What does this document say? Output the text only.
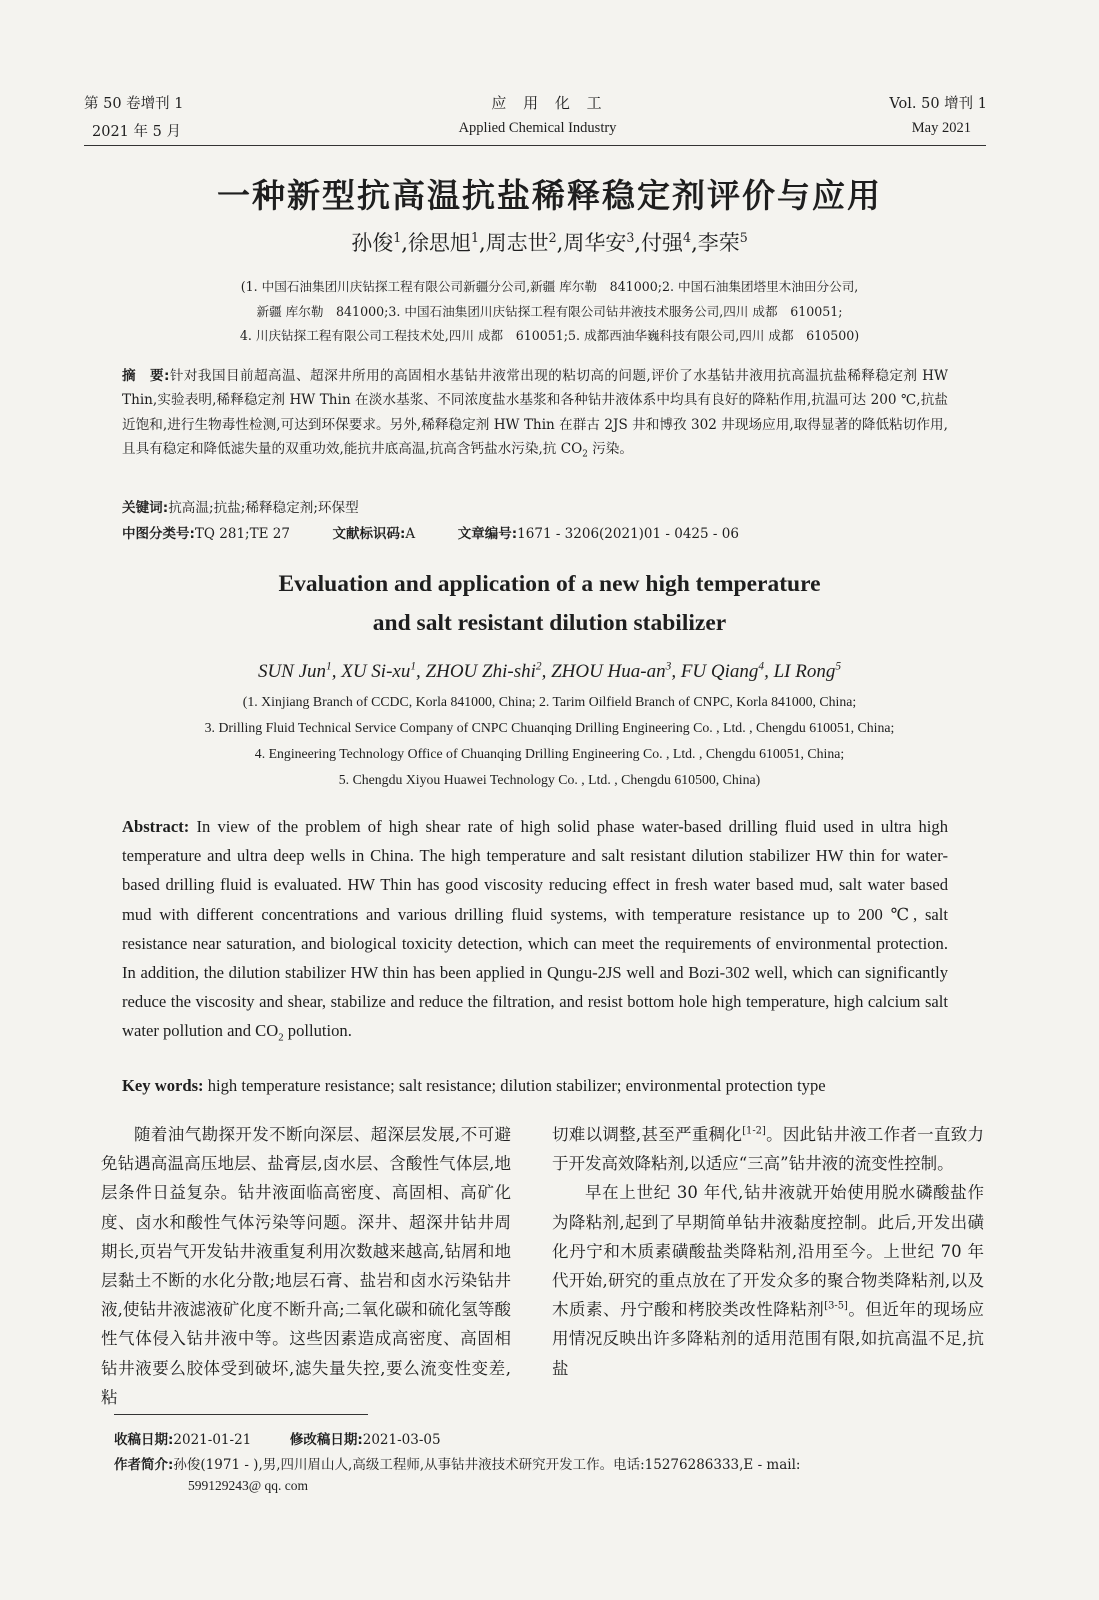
第 50 卷增刊 1
2021 年 5 月
应 用 化 工
Applied Chemical Industry
Vol. 50 增刊 1
May 2021
一种新型抗高温抗盐稀释稳定剂评价与应用
孙俊$^1$,徐思旭$^1$,周志世$^2$,周华安$^3$,付强$^4$,李荣$^5$
(1. 中国石油集团川庆钻探工程有限公司新疆分公司,新疆 库尔勒　841000;2. 中国石油集团塔里木油田分公司,
新疆 库尔勒　841000;3. 中国石油集团川庆钻探工程有限公司钻井液技术服务公司,四川 成都　610051;
4. 川庆钻探工程有限公司工程技术处,四川 成都　610051;5. 成都西油华巍科技有限公司,四川 成都　610500)
摘　要:针对我国目前超高温、超深井所用的高固相水基钻井液常出现的粘切高的问题,评价了水基钻井液用抗高温抗盐稀释稳定剂 HW Thin,实验表明,稀释稳定剂 HW Thin 在淡水基浆、不同浓度盐水基浆和各种钻井液体系中均具有良好的降粘作用,抗温可达 200 ℃,抗盐近饱和,进行生物毒性检测,可达到环保要求。另外,稀释稳定剂 HW Thin 在群古 2JS 井和博孜 302 井现场应用,取得显著的降低粘切作用,且具有稳定和降低滤失量的双重功效,能抗井底高温,抗高含钙盐水污染,抗 $CO_2$ 污染。
关键词:抗高温;抗盐;稀释稳定剂;环保型
中图分类号:TQ 281;TE 27	文献标识码:A	文章编号:1671 - 3206(2021)01 - 0425 - 06
Evaluation and application of a new high temperature
and salt resistant dilution stabilizer
SUN Jun$^1$, XU $Si-xu^1$, ZHOU Zhi-shi$^2$, ZHOU Hua-$an^3$, FU Qiang$^4$, LI Rong$^5$
(1. Xinjiang Branch of CCDC, Korla 841000, China; 2. Tarim Oilfield Branch of CNPC, Korla 841000, China;
3. Drilling Fluid Technical Service Company of CNPC Chuanqing Drilling Engineering Co. , Ltd. , Chengdu 610051, China;
4. Engineering Technology Office of Chuanqing Drilling Engineering Co. , Ltd. , Chengdu 610051, China;
5. Chengdu Xiyou Huawei Technology Co. , Ltd. , Chengdu 610500, China)
Abstract: In view of the problem of high shear rate of high solid phase water-based drilling fluid used in ultra high temperature and ultra deep wells in China. The high temperature and salt resistant dilution stabilizer HW thin for water-based drilling fluid is evaluated. HW Thin has good viscosity reducing effect in fresh water based mud, salt water based mud with different concentrations and various drilling fluid systems, with temperature resistance up to 200 ℃, salt resistance near saturation, and biological toxicity detection, which can meet the requirements of environmental protection. In addition, the dilution stabilizer HW thin has been applied in Qungu-2JS well and Bozi-302 well, which can significantly reduce the viscosity and shear, stabilize and reduce the filtration, and resist bottom hole high temperature, high calcium salt water pollution and $CO_2$ pollution.
Key words: high temperature resistance; salt resistance; dilution stabilizer; environmental protection type

随着油气勘探开发不断向深层、超深层发展,不可避免钻遇高温高压地层、盐膏层,卤水层、含酸性气体层,地层条件日益复杂。钻井液面临高密度、高固相、高矿化度、卤水和酸性气体污染等问题。深井、超深井钻井周期长,页岩气开发钻井液重复利用次数越来越高,钻屑和地层黏土不断的水化分散;地层石膏、盐岩和卤水污染钻井液,使钻井液滤液矿化度不断升高;二氧化碳和硫化氢等酸性气体侵入钻井液中等。这些因素造成高密度、高固相钻井液要么胶体受到破坏,滤失量失控,要么流变性变差,粘

切难以调整,甚至严重稠化[1-2]。因此钻井液工作者一直致力于开发高效降粘剂,以适应“三高”钻井液的流变性控制。

早在上世纪 30 年代,钻井液就开始使用脱水磷酸盐作为降粘剂,起到了早期简单钻井液黏度控制。此后,开发出磺化丹宁和木质素磺酸盐类降粘剂,沿用至今。上世纪 70 年代开始,研究的重点放在了开发众多的聚合物类降粘剂,以及木质素、丹宁酸和栲胶类改性降粘剂[3-5]。但近年的现场应用情况反映出许多降粘剂的适用范围有限,如抗高温不足,抗盐

收稿日期:2021-01-21	修改稿日期:2021-03-05
作者简介:孙俊(1971 - ),男,四川眉山人,高级工程师,从事钻井液技术研究开发工作。电话:15276286333,E - mail:
599129243@ qq. com
